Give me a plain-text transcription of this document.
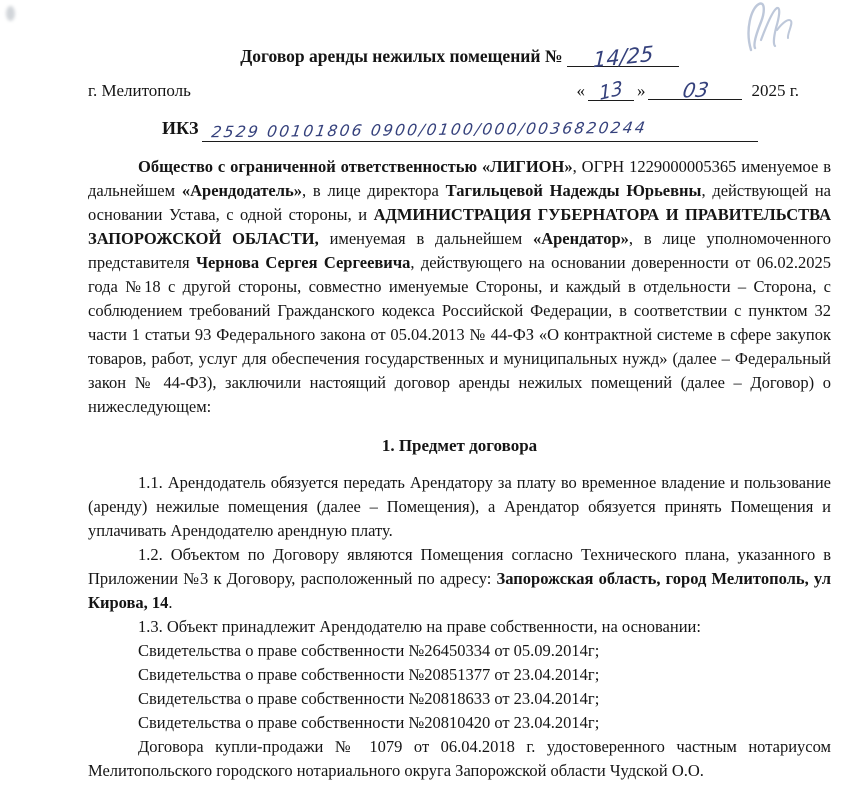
Договор аренды нежилых помещений № 14/25
г. Мелитополь	« 13 »	03	2025 г.
ИКЗ 2529 00101806 0900/0100/000/0036820244

Общество с ограниченной ответственностью «ЛИГИОН», ОГРН 1229000005365 именуемое в дальнейшем «Арендодатель», в лице директора Тагильцевой Надежды Юрьевны, действующей на основании Устава, с одной стороны, и АДМИНИСТРАЦИЯ ГУБЕРНАТОРА И ПРАВИТЕЛЬСТВА ЗАПОРОЖСКОЙ ОБЛАСТИ, именуемая в дальнейшем «Арендатор», в лице уполномоченного представителя Чернова Сергея Сергеевича, действующего на основании доверенности от 06.02.2025 года №18 с другой стороны, совместно именуемые Стороны, и каждый в отдельности – Сторона, с соблюдением требований Гражданского кодекса Российской Федерации, в соответствии с пунктом 32 части 1 статьи 93 Федерального закона от 05.04.2013 № 44-ФЗ «О контрактной системе в сфере закупок товаров, работ, услуг для обеспечения государственных и муниципальных нужд» (далее – Федеральный закон № 44-ФЗ), заключили настоящий договор аренды нежилых помещений (далее – Договор) о нижеследующем:

1. Предмет договора

1.1. Арендодатель обязуется передать Арендатору за плату во временное владение и пользование (аренду) нежилые помещения (далее – Помещения), а Арендатор обязуется принять Помещения и уплачивать Арендодателю арендную плату.

1.2. Объектом по Договору являются Помещения согласно Технического плана, указанного в Приложении №3 к Договору, расположенный по адресу: Запорожская область, город Мелитополь, ул Кирова, 14.

1.3. Объект принадлежит Арендодателю на праве собственности, на основании:

Свидетельства о праве собственности №26450334 от 05.09.2014г;
Свидетельства о праве собственности №20851377 от 23.04.2014г;
Свидетельства о праве собственности №20818633 от 23.04.2014г;
Свидетельства о праве собственности №20810420 от 23.04.2014г;

Договора купли-продажи № 1079 от 06.04.2018 г. удостоверенного частным нотариусом Мелитопольского городского нотариального округа Запорожской области Чудской О.О.
